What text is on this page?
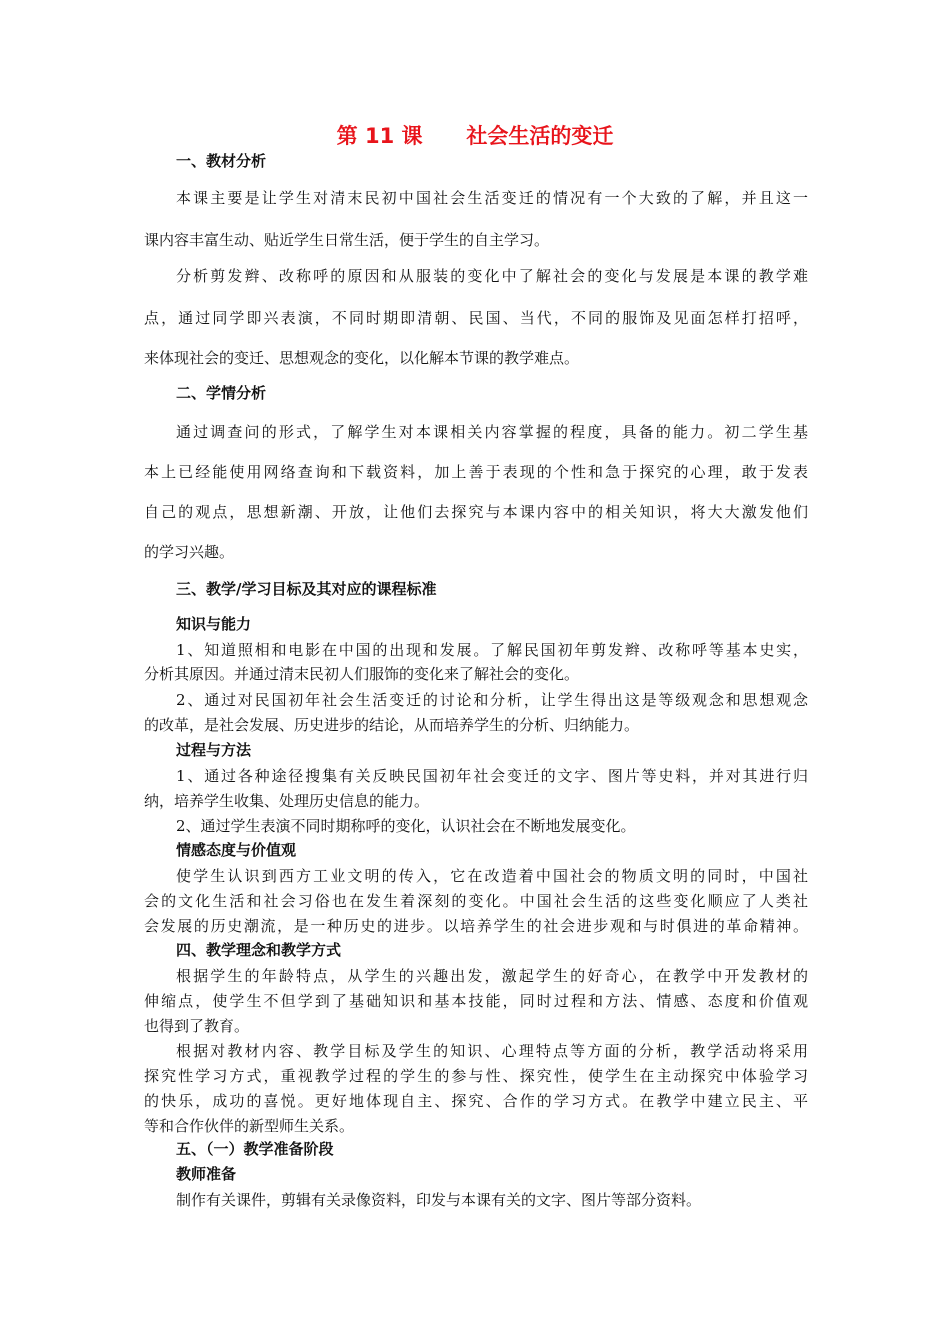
第 11 课      社会生活的变迁
一、教材分析
本课主要是让学生对清末民初中国社会生活变迁的情况有一个大致的了解，并且这一
课内容丰富生动、贴近学生日常生活，便于学生的自主学习。
分析剪发辫、改称呼的原因和从服装的变化中了解社会的变化与发展是本课的教学难
点，通过同学即兴表演，不同时期即清朝、民国、当代，不同的服饰及见面怎样打招呼，
来体现社会的变迁、思想观念的变化，以化解本节课的教学难点。
二、学情分析
通过调查问的形式，了解学生对本课相关内容掌握的程度，具备的能力。初二学生基
本上已经能使用网络查询和下载资料，加上善于表现的个性和急于探究的心理，敢于发表
自己的观点，思想新潮、开放，让他们去探究与本课内容中的相关知识，将大大激发他们
的学习兴趣。
三、教学/学习目标及其对应的课程标准
知识与能力
1、知道照相和电影在中国的出现和发展。了解民国初年剪发辫、改称呼等基本史实，
分析其原因。并通过清末民初人们服饰的变化来了解社会的变化。
2、通过对民国初年社会生活变迁的讨论和分析，让学生得出这是等级观念和思想观念
的改革，是社会发展、历史进步的结论，从而培养学生的分析、归纳能力。
过程与方法
1、通过各种途径搜集有关反映民国初年社会变迁的文字、图片等史料，并对其进行归
纳，培养学生收集、处理历史信息的能力。
2、通过学生表演不同时期称呼的变化，认识社会在不断地发展变化。
情感态度与价值观
使学生认识到西方工业文明的传入，它在改造着中国社会的物质文明的同时，中国社
会的文化生活和社会习俗也在发生着深刻的变化。中国社会生活的这些变化顺应了人类社
会发展的历史潮流，是一种历史的进步。以培养学生的社会进步观和与时俱进的革命精神。
四、教学理念和教学方式
根据学生的年龄特点，从学生的兴趣出发，激起学生的好奇心，在教学中开发教材的
伸缩点，使学生不但学到了基础知识和基本技能，同时过程和方法、情感、态度和价值观
也得到了教育。
根据对教材内容、教学目标及学生的知识、心理特点等方面的分析，教学活动将采用
探究性学习方式，重视教学过程的学生的参与性、探究性，使学生在主动探究中体验学习
的快乐，成功的喜悦。更好地体现自主、探究、合作的学习方式。在教学中建立民主、平
等和合作伙伴的新型师生关系。
五、（一）教学准备阶段
教师准备
制作有关课件，剪辑有关录像资料，印发与本课有关的文字、图片等部分资料。
